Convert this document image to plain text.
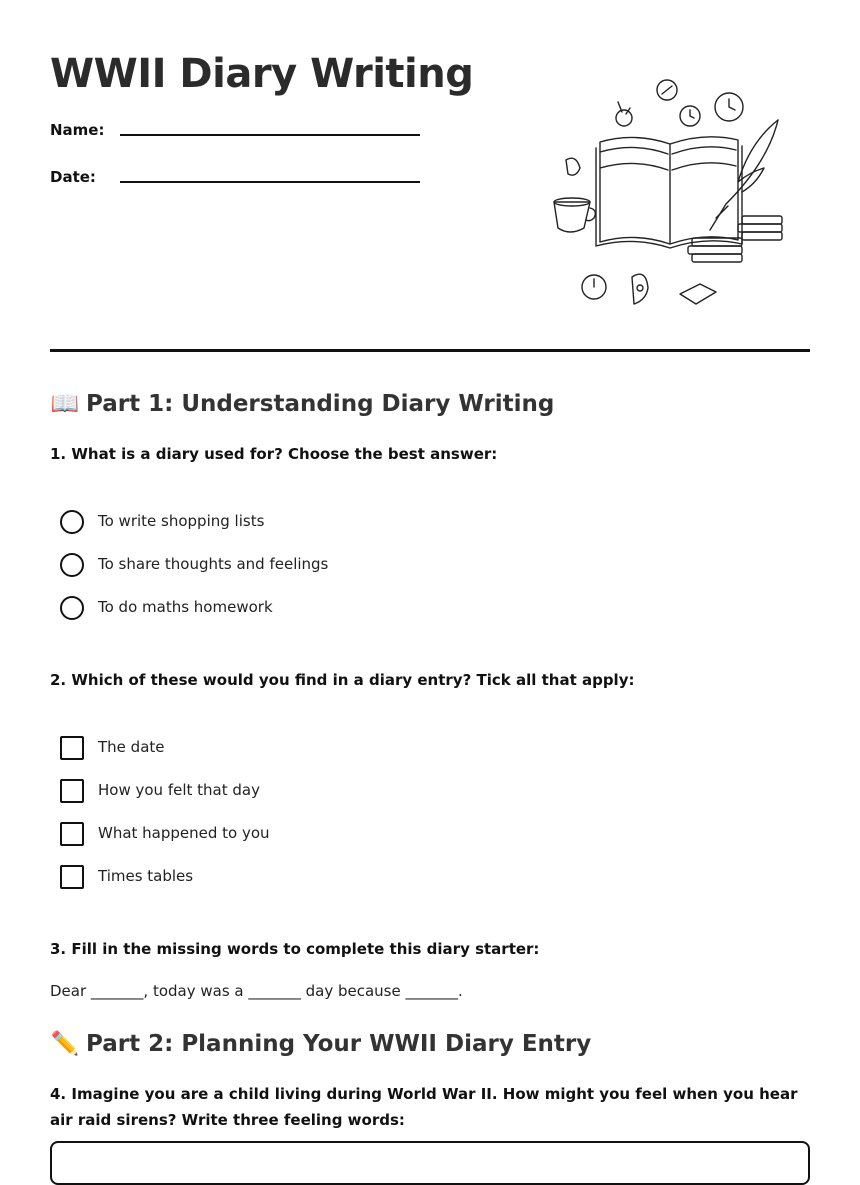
WWII Diary Writing
Name:
Date:
📖 Part 1: Understanding Diary Writing

1. What is a diary used for? Choose the best answer:

To write shopping lists
To share thoughts and feelings
To do maths homework

2. Which of these would you find in a diary entry? Tick all that apply:

The date
How you felt that day
What happened to you
Times tables

3. Fill in the missing words to complete this diary starter:

Dear _______, today was a _______ day because _______.
✏️ Part 2: Planning Your WWII Diary Entry

4. Imagine you are a child living during World War II. How might you feel when you hear air raid sirens? Write three feeling words:
